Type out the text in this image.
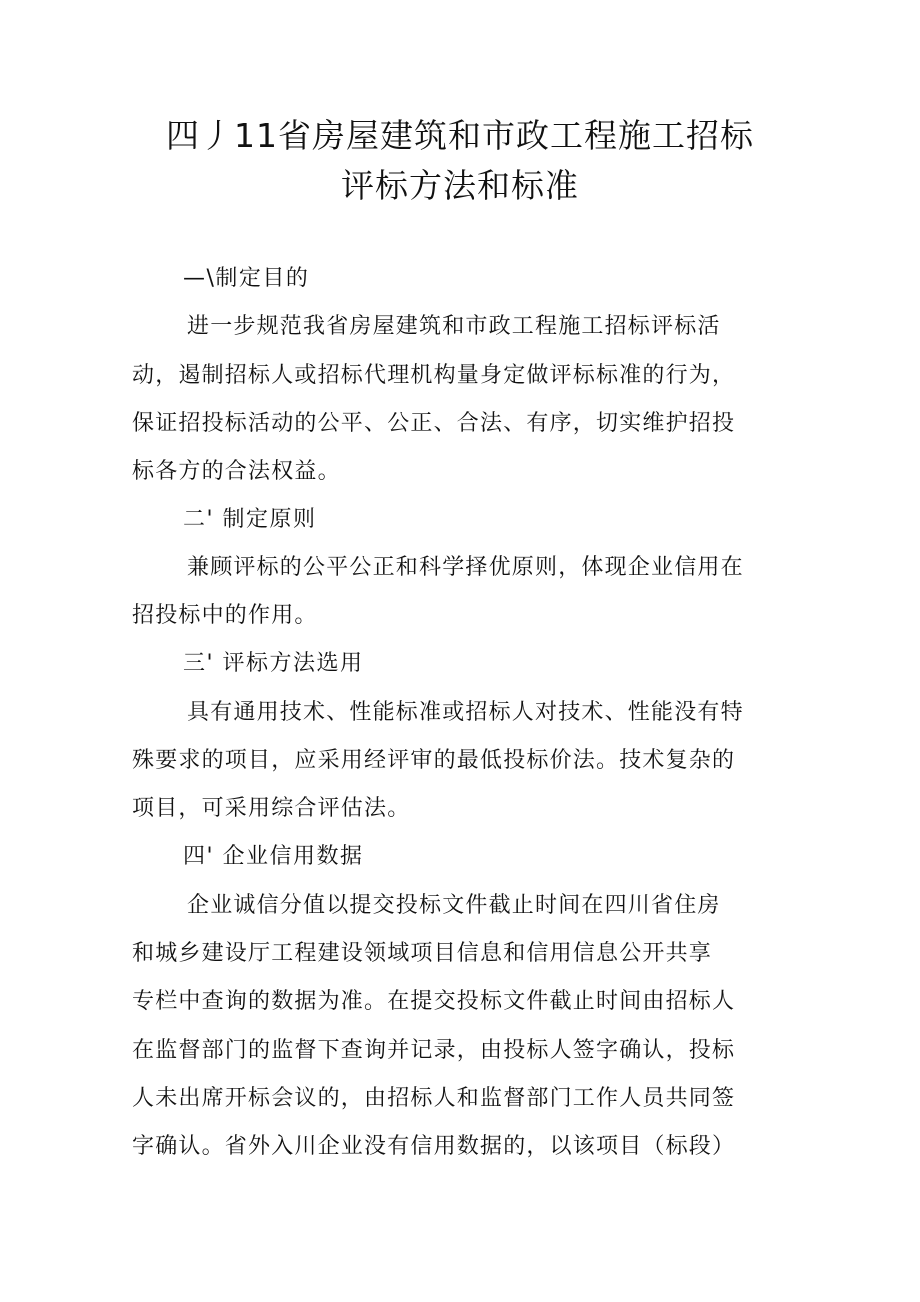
四丿11省房屋建筑和市政工程施工招标
评标方法和标准
—\制定目的
进一步规范我省房屋建筑和市政工程施工招标评标活
动，遏制招标人或招标代理机构量身定做评标标准的行为，
保证招投标活动的公平、公正、合法、有序，切实维护招投
标各方的合法权益。
二' 制定原则
兼顾评标的公平公正和科学择优原则，体现企业信用在
招投标中的作用。
三' 评标方法选用
具有通用技术、性能标准或招标人对技术、性能没有特
殊要求的项目，应采用经评审的最低投标价法。技术复杂的
项目，可采用综合评估法。
四' 企业信用数据
企业诚信分值以提交投标文件截止时间在四川省住房
和城乡建设厅工程建设领域项目信息和信用信息公开共享
专栏中查询的数据为准。在提交投标文件截止时间由招标人
在监督部门的监督下查询并记录，由投标人签字确认，投标
人未出席开标会议的，由招标人和监督部门工作人员共同签
字确认。省外入川企业没有信用数据的，以该项目（标段）
